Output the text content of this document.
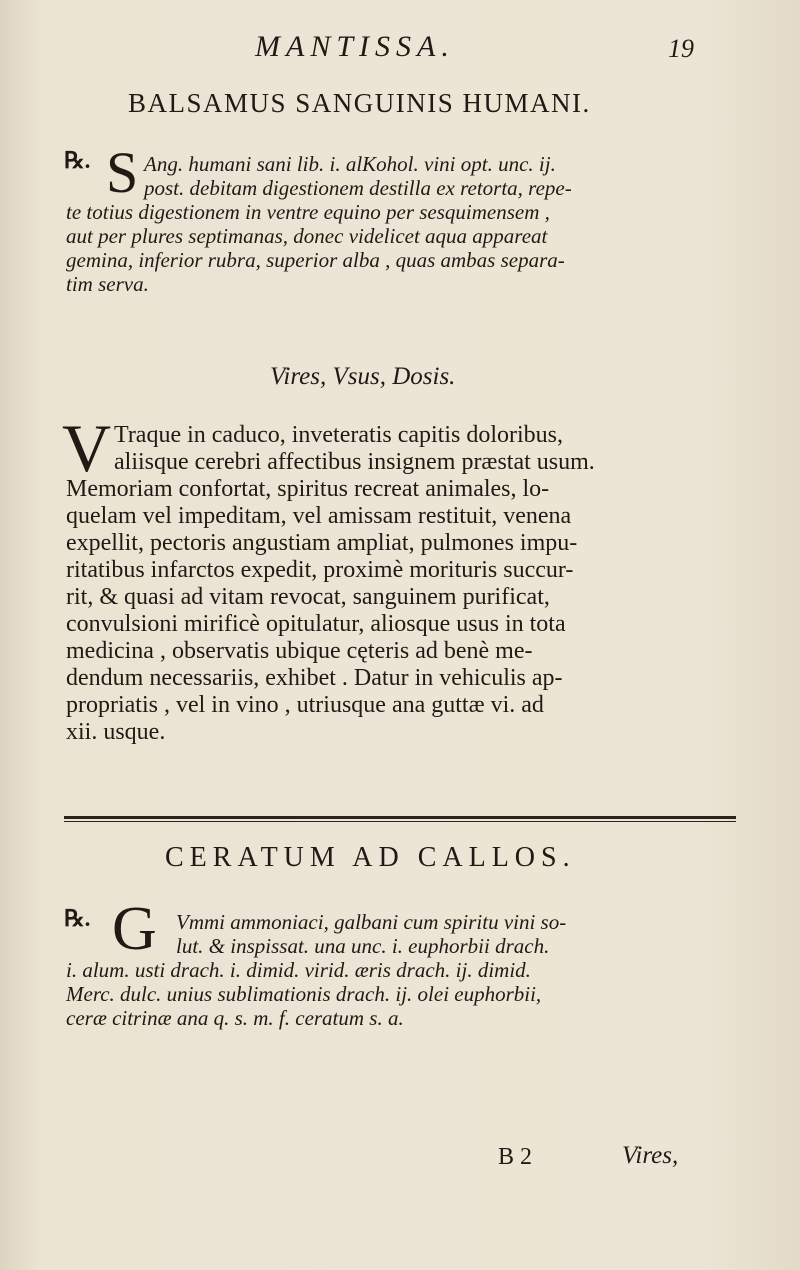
MANTISSA.	19
BALSAMUS SANGUINIS HUMANI.
℞. S Ang. humani sani lib. i. alKohol. vini opt. unc. ij.
post. debitam digestionem destilla ex retorta, repe-
te totius digestionem in ventre equino per sesquimensem ,
aut per plures septimanas, donec videlicet aqua appareat
gemina, inferior rubra, superior alba , quas ambas separa-
tim serva.
Vires, Vsus, Dosis.
V Traque in caduco, inveteratis capitis doloribus,
aliisque cerebri affectibus insignem præstat usum.
Memoriam confortat, spiritus recreat animales, lo-
quelam vel impeditam, vel amissam restituit, venena
expellit, pectoris angustiam ampliat, pulmones impu-
ritatibus infarctos expedit, proximè morituris succur-
rit, & quasi ad vitam revocat, sanguinem purificat,
convulsioni mirificè opitulatur, aliosque usus in tota
medicina , observatis ubique cęteris ad benè me-
dendum necessariis, exhibet . Datur in vehiculis ap-
propriatis , vel in vino , utriusque ana guttæ vi. ad
xii. usque.
CERATUM AD CALLOS.
℞. G Vmmi ammoniaci, galbani cum spiritu vini so-
lut. & inspissat. una unc. i. euphorbii drach.
i. alum. usti drach. i. dimid. virid. æris drach. ij. dimid.
Merc. dulc. unius sublimationis drach. ij. olei euphorbii,
ceræ citrinæ ana q. s. m. f. ceratum s. a.
B 2	Vires,
